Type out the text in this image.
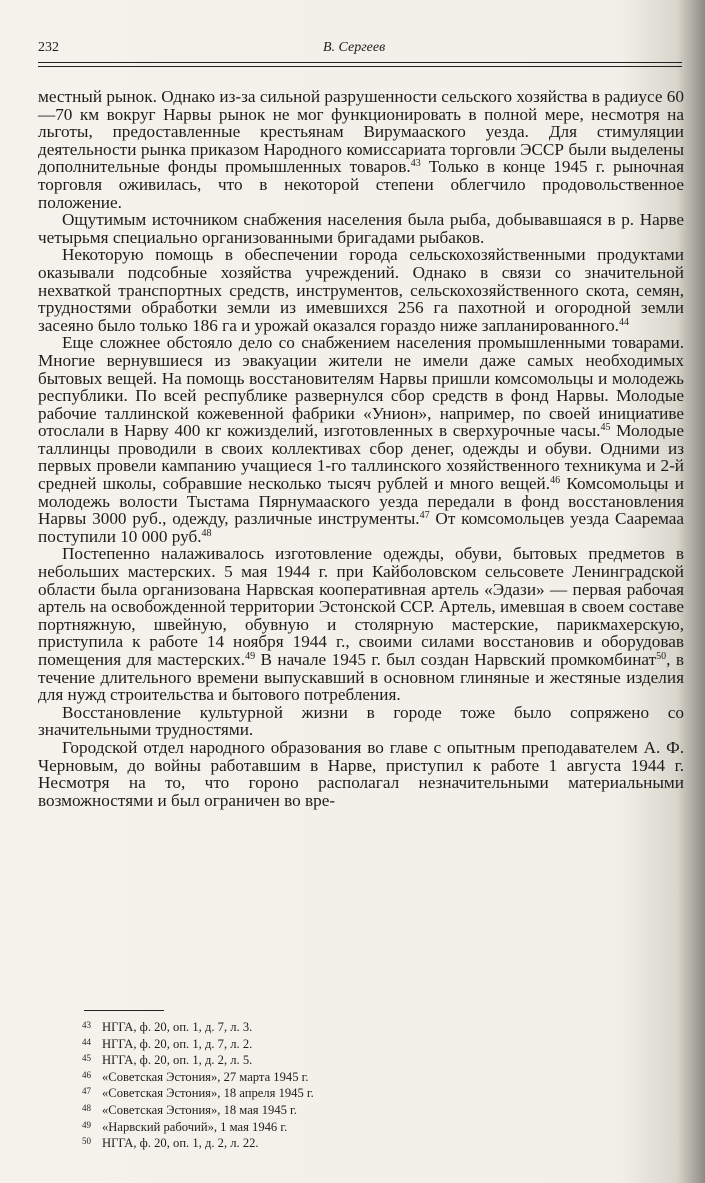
232	В. Сергеев

местный рынок. Однако из-за сильной разрушенности сельского хозяйства в радиусе 60—70 км вокруг Нарвы рынок не мог функционировать в полной мере, несмотря на льготы, предоставленные крестьянам Вирумааского уезда. Для стимуляции деятельности рынка приказом Народного комиссариата торговли ЭССР были выделены дополнительные фонды промышленных товаров.$^{43}$ Только в конце 1945 г. рыночная торговля оживилась, что в некоторой степени облегчило продовольственное положение.

Ощутимым источником снабжения населения была рыба, добывавшаяся в р. Нарве четырьмя специально организованными бригадами рыбаков.

Некоторую помощь в обеспечении города сельскохозяйственными продуктами оказывали подсобные хозяйства учреждений. Однако в связи со значительной нехваткой транспортных средств, инструментов, сельскохозяйственного скота, семян, трудностями обработки земли из имевшихся 256 га пахотной и огородной земли засеяно было только 186 га и урожай оказался гораздо ниже запланированного.$^{44}$

Еще сложнее обстояло дело со снабжением населения промышленными товарами. Многие вернувшиеся из эвакуации жители не имели даже самых необходимых бытовых вещей. На помощь восстановителям Нарвы пришли комсомольцы и молодежь республики. По всей республике развернулся сбор средств в фонд Нарвы. Молодые рабочие таллинской кожевенной фабрики «Унион», например, по своей инициативе отослали в Нарву 400 кг кожизделий, изготовленных в сверхурочные часы.$^{45}$ Молодые таллинцы проводили в своих коллективах сбор денег, одежды и обуви. Одними из первых провели кампанию учащиеся 1-го таллинского хозяйственного техникума и 2-й средней школы, собравшие несколько тысяч рублей и много вещей.$^{46}$ Комсомольцы и молодежь волости Тыстама Пярнумааского уезда передали в фонд восстановления Нарвы 3000 руб., одежду, различные инструменты.$^{47}$ От комсомольцев уезда Сааремаа поступили 10 000 руб.$^{48}$

Постепенно налаживалось изготовление одежды, обуви, бытовых предметов в небольших мастерских. 5 мая 1944 г. при Кайболовском сельсовете Ленинградской области была организована Нарвская кооперативная артель «Эдази» — первая рабочая артель на освобожденной территории Эстонской ССР. Артель, имевшая в своем составе портняжную, швейную, обувную и столярную мастерские, парикмахерскую, приступила к работе 14 ноября 1944 г., своими силами восстановив и оборудовав помещения для мастерских.$^{49}$ В начале 1945 г. был создан Нарвский промкомбинат$^{50}$, в течение длительного времени выпускавший в основном глиняные и жестяные изделия для нужд строительства и бытового потребления.

Восстановление культурной жизни в городе тоже было сопряжено со значительными трудностями.

Городской отдел народного образования во главе с опытным преподавателем А. Ф. Черновым, до войны работавшим в Нарве, приступил к работе 1 августа 1944 г. Несмотря на то, что гороно располагал незначительными материальными возможностями и был ограничен во вре-

43 НГГА, ф. 20, оп. 1, д. 7, л. 3.
44 НГГА, ф. 20, оп. 1, д. 7, л. 2.
45 НГГА, ф. 20, оп. 1, д. 2, л. 5.
46 «Советская Эстония», 27 марта 1945 г.
47 «Советская Эстония», 18 апреля 1945 г.
48 «Советская Эстония», 18 мая 1945 г.
49 «Нарвский рабочий», 1 мая 1946 г.
50 НГГА, ф. 20, оп. 1, д. 2, л. 22.
